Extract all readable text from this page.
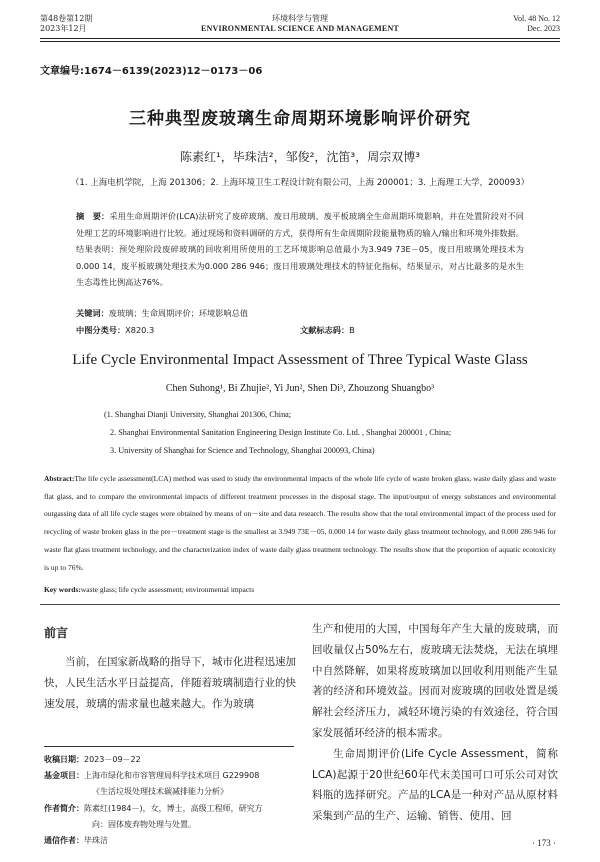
第48卷第12期
2023年12月
环境科学与管理
ENVIRONMENTAL SCIENCE AND MANAGEMENT
Vol. 48 No. 12
Dec. 2023
文章编号:1674－6139(2023)12－0173－06
三种典型废玻璃生命周期环境影响评价研究
陈素红¹，毕珠洁²，邹俊²，沈笛³，周宗双博³
（1. 上海电机学院，上海 201306；2. 上海环境卫生工程设计院有限公司，上海 200001；3. 上海理工大学，200093）
摘　要：采用生命周期评价(LCA)法研究了废碎玻璃、废日用玻璃、废平板玻璃全生命周期环境影响，并在处置阶段对不同处理工艺的环境影响进行比较。通过现场和资料调研的方式，获得所有生命周期阶段能量物质的输入/输出和环境外排数据。结果表明：预处理阶段废碎玻璃的回收利用所使用的工艺环境影响总值最小为3.949 73E－05，废日用玻璃处理技术为0.000 14，废平板玻璃处理技术为0.000 286 946；废日用玻璃处理技术的特征化指标，结果显示，对占比最多的是水生生态毒性比例高达76%。
关键词：废玻璃；生命周期评价；环境影响总值
中图分类号：X820.3	文献标志码：B
Life Cycle Environmental Impact Assessment of Three Typical Waste Glass
Chen Suhong¹, Bi Zhujie², Yi Jun², Shen Di³, Zhouzong Shuangbo³
(1. Shanghai Dianji University, Shanghai 201306, China;
2. Shanghai Environmental Sanitation Engineering Design Institute Co. Ltd. , Shanghai 200001 , China;
3. University of Shanghai for Science and Technology, Shanghai 200093, China)
Abstract:The life cycle assessment(LCA) method was used to study the environmental impacts of the whole life cycle of waste broken glass, waste daily glass and waste flat glass, and to compare the environmental impacts of different treatment processes in the disposal stage. The input/output of energy substances and environmental outgassing data of all life cycle stages were obtained by means of on－site and data research. The results show that the total environmental impact of the process used for recycling of waste broken glass in the pre－treatment stage is the smallest at 3.949 73E－05, 0.000 14 for waste daily glass treatment technology, and 0.000 286 946 for waste flat glass treatment technology, and the characterization index of waste daily glass treatment technology. The results show that the proportion of aquatic ecotoxicity is up to 76%.
Key words:waste glass; life cycle assessment; environmental impacts
前言
当前，在国家新战略的指导下，城市化进程迅速加快，人民生活水平日益提高，伴随着玻璃制造行业的快速发展，玻璃的需求量也越来越大。作为玻璃
收稿日期：2023－09－22
基金项目：上海市绿化和市容管理局科学技术项目 G229908
《生活垃圾处理技术碳减排能力分析》
作者简介：陈素红(1984－)，女，博士，高级工程师，研究方
向：固体废弃物处理与处置。
通信作者：毕珠洁

生产和使用的大国，中国每年产生大量的废玻璃，而回收量仅占50%左右，废玻璃无法焚烧，无法在填埋中自然降解，如果将废玻璃加以回收利用则能产生显著的经济和环境效益。因而对废玻璃的回收处置是缓解社会经济压力，减轻环境污染的有效途径，符合国家发展循环经济的根本需求。

生命周期评价(Life Cycle Assessment，简称LCA)起源于20世纪60年代末美国可口可乐公司对饮料瓶的选择研究。产品的LCA是一种对产品从原材料采集到产品的生产、运输、销售、使用、回

· 173 ·
